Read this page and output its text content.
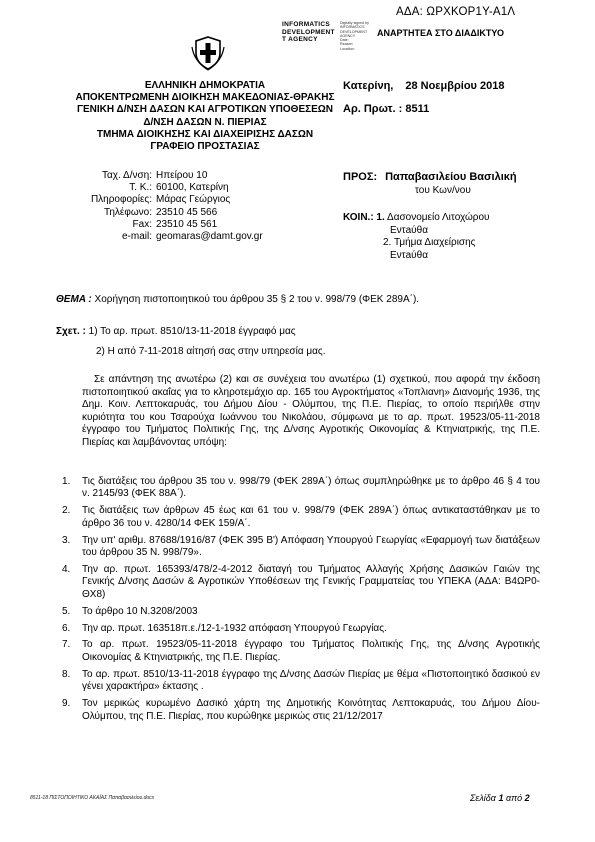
ΑΔΑ: ΩΡΧΚΟΡ1Υ-Α1Λ
INFORMATICS
DEVELOPMENT
T AGENCY
Digitally signed by
INFORMATICS
DEVELOPMENT
AGENCY
Date:
Reason:
Location:
ΑΝΑΡΤΗΤΕΑ ΣΤΟ ΔΙΑΔΙΚΤΥΟ
ΕΛΛΗΝΙΚΗ ΔΗΜΟΚΡΑΤΙΑ
ΑΠΟΚΕΝΤΡΩΜΕΝΗ ΔΙΟΙΚΗΣΗ ΜΑΚΕΔΟΝΙΑΣ-ΘΡΑΚΗΣ
ΓΕΝΙΚΗ Δ/ΝΣΗ ΔΑΣΩΝ ΚΑΙ ΑΓΡΟΤΙΚΩΝ ΥΠΟΘΕΣΕΩΝ
Δ/ΝΣΗ ΔΑΣΩΝ Ν. ΠΙΕΡΙΑΣ
ΤΜΗΜΑ ΔΙΟΙΚΗΣΗΣ ΚΑΙ ΔΙΑΧΕΙΡΙΣΗΣ ΔΑΣΩΝ
ΓΡΑΦΕΙΟ ΠΡΟΣΤΑΣΙΑΣ
Ταχ. Δ/νση: Ηπείρου 10
Τ. Κ.: 60100, Κατερίνη
Πληροφορίες: Μάρας Γεώργιος
Τηλέφωνο: 23510 45 566
Fax: 23510 45 561
e-mail: geomaras@damt.gov.gr
Κατερίνη, 28 Νοεμβρίου 2018
Αρ. Πρωτ. : 8511
ΠΡΟΣ: Παπαβασιλείου Βασιλική
του Κων/νου
ΚΟΙΝ.: 1. Δασονομείο Λιτοχώρου
Εντaύθα
2. Τμήμα Διαχείρισης
Εντaύθα
ΘΕΜΑ : Χορήγηση πιστοποιητικού του άρθρου 35 § 2 του ν. 998/79 (ΦΕΚ 289Α΄).
Σχετ. : 1) Το αρ. πρωτ. 8510/13-11-2018 έγγραφό μας
2) Η από 7-11-2018 αίτησή σας στην υπηρεσία μας.

Σε απάντηση της ανωτέρω (2) και σε συνέχεια του ανωτέρω (1) σχετικού, που αφορά την έκδοση πιστοποιητικού ακαΐας για το κληροτεμάχιο αρ. 165 του Αγροκτήματος «Τοπλιανη» Διανομής 1936, της Δημ. Κοιν. Λεπτοκαρυάς, του Δήμου Δίου - Ολύμπου, της Π.Ε. Πιερίας, το οποίο περιήλθε στην κυριότητα του κου Τσαρούχα Ιωάννου του Νικολάου, σύμφωνα με το αρ. πρωτ. 19523/05-11-2018 έγγραφο του Τμήματος Πολιτικής Γης, της Δ/νσης Αγροτικής Οικονομίας & Κτηνιατρικής, της Π.Ε. Πιερίας και λαμβάνοντας υπόψη:

1.	Τις διατάξεις του άρθρου 35 του ν. 998/79 (ΦΕΚ 289Α΄) όπως συμπληρώθηκε με το άρθρο 46 § 4 του ν. 2145/93 (ΦΕΚ 88Α΄).
2.	Τις διατάξεις των άρθρων 45 έως και 61 του ν. 998/79 (ΦΕΚ 289Α΄) όπως αντικαταστάθηκαν με το άρθρο 36 του ν. 4280/14 ΦΕΚ 159/Α΄.
3.	Την υπ' αριθμ. 87688/1916/87 (ΦΕΚ 395 Β') Απόφαση Υπουργού Γεωργίας «Εφαρμογή των διατάξεων του άρθρου 35 Ν. 998/79».
4.	Την αρ. πρωτ. 165393/478/2-4-2012 διαταγή του Τμήματος Αλλαγής Χρήσης Δασικών Γαιών της Γενικής Δ/νσης Δασών & Αγροτικών Υποθέσεων της Γενικής Γραμματείας του ΥΠΕΚΑ (ΑΔΑ: Β4ΩΡ0-ΘΧ8)
5.	Το άρθρο 10 Ν.3208/2003
6.	Την αρ. πρωτ. 163518π.ε./12-1-1932 απόφαση Υπουργού Γεωργίας.
7.	Το αρ. πρωτ. 19523/05-11-2018 έγγραφο του Τμήματος Πολιτικής Γης, της Δ/νσης Αγροτικής Οικονομίας & Κτηνιατρικής, της Π.Ε. Πιερίας.
8.	Το αρ. πρωτ. 8510/13-11-2018 έγγραφο της Δ/νσης Δασών Πιερίας με θέμα «Πιστοποιητικό δασικού εν γένει χαρακτήρα» έκτασης .
9.	Τον μερικώς κυρωμένο Δασικό χάρτη της Δημοτικής Κοινότητας Λεπτοκαρυάς, του Δήμου Δίου-Ολύμπου, της Π.Ε. Πιερίας, που κυρώθηκε μερικώς στις 21/12/2017
8511-18 ΠΙΣΤΟΠΟΙΗΤΙΚΟ ΑΚΑΪΑΣ Παπαβασιλείου.docx	Σελίδα 1 από 2
